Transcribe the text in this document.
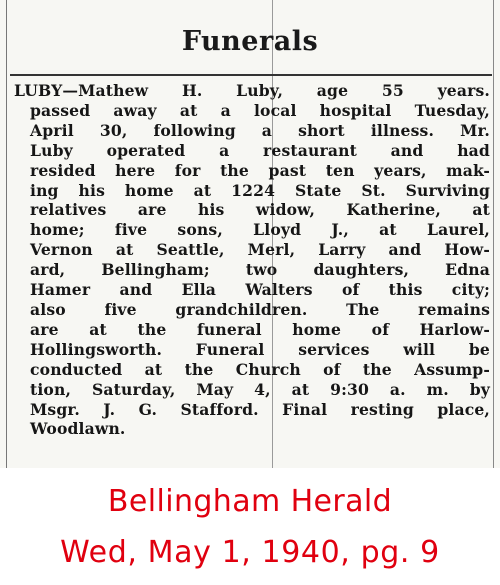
Funerals

LUBY—Mathew H. Luby, age 55 years.
passed away at a local hospital Tuesday,
April 30, following a short illness. Mr.
Luby operated a restaurant and had
resided here for the past ten years, mak-
ing his home at 1224 State St. Surviving
relatives are his widow, Katherine, at
home; five sons, Lloyd J., at Laurel,
Vernon at Seattle, Merl, Larry and How-
ard, Bellingham; two daughters, Edna
Hamer and Ella Walters of this city;
also five grandchildren. The remains
are at the funeral home of Harlow-
Hollingsworth. Funeral services will be
conducted at the Church of the Assump-
tion, Saturday, May 4, at 9:30 a. m. by
Msgr. J. G. Stafford. Final resting place,
Woodlawn.

Bellingham Herald
Wed, May 1, 1940, pg. 9
